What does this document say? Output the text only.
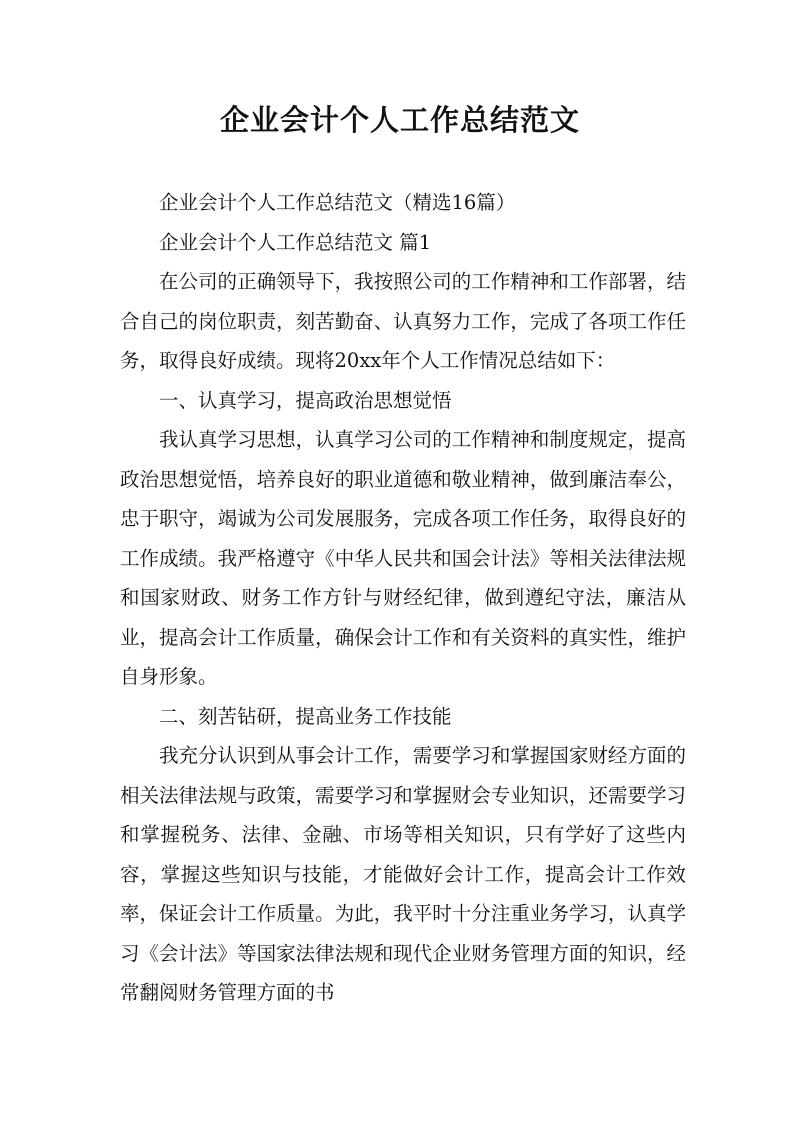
企业会计个人工作总结范文

企业会计个人工作总结范文（精选16篇）

企业会计个人工作总结范文 篇1

在公司的正确领导下，我按照公司的工作精神和工作部署，结合自己的岗位职责，刻苦勤奋、认真努力工作，完成了各项工作任务，取得良好成绩。现将20xx年个人工作情况总结如下：

一、认真学习，提高政治思想觉悟

我认真学习思想，认真学习公司的工作精神和制度规定，提高政治思想觉悟，培养良好的职业道德和敬业精神，做到廉洁奉公，忠于职守，竭诚为公司发展服务，完成各项工作任务，取得良好的工作成绩。我严格遵守《中华人民共和国会计法》等相关法律法规和国家财政、财务工作方针与财经纪律，做到遵纪守法，廉洁从业，提高会计工作质量，确保会计工作和有关资料的真实性，维护自身形象。

二、刻苦钻研，提高业务工作技能

我充分认识到从事会计工作，需要学习和掌握国家财经方面的相关法律法规与政策，需要学习和掌握财会专业知识，还需要学习和掌握税务、法律、金融、市场等相关知识，只有学好了这些内容，掌握这些知识与技能，才能做好会计工作，提高会计工作效率，保证会计工作质量。为此，我平时十分注重业务学习，认真学习《会计法》等国家法律法规和现代企业财务管理方面的知识，经常翻阅财务管理方面的书
